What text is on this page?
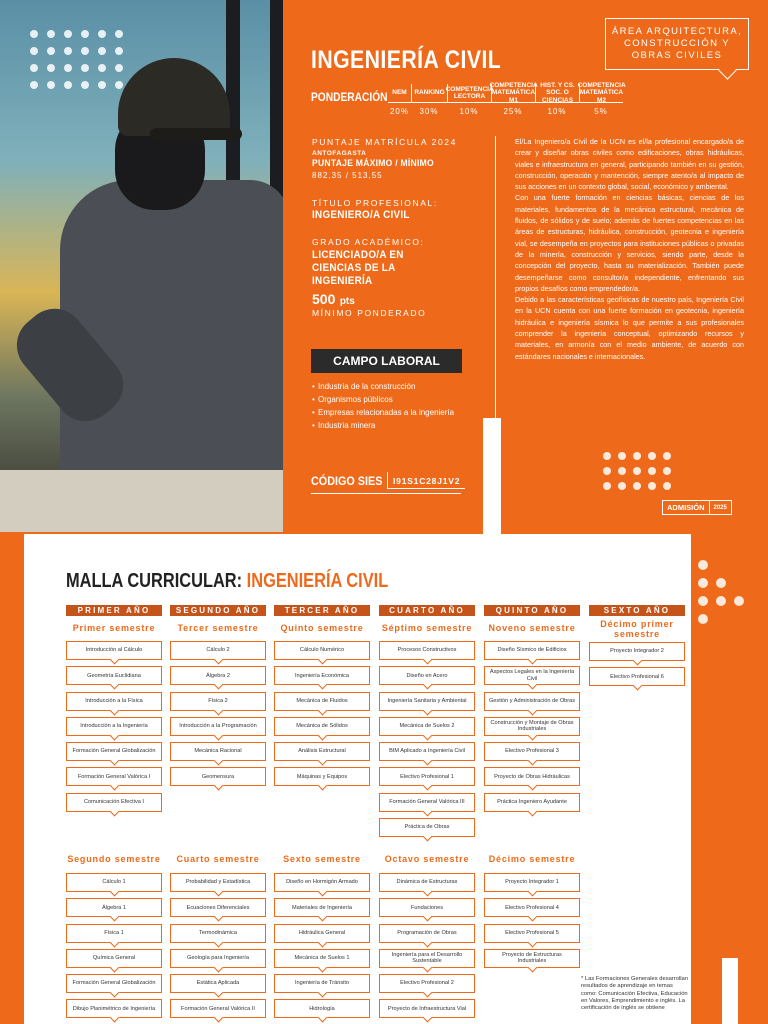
ÁREA ARQUITECTURA, CONSTRUCCIÓN Y OBRAS CIVILES
INGENIERÍA CIVIL
PONDERACIÓN NEM
20%
RANKING
30%
COMPETENCIA LECTORA
10%
COMPETENCIA MATEMÁTICA M1
25%
HIST. Y CS. SOC. O CIENCIAS
10%
COMPETENCIA MATEMÁTICA M2
5%
PUNTAJE MATRÍCULA 2024
ANTOFAGASTA
PUNTAJE MÁXIMO / MÍNIMO
882,35 / 513,55
TÍTULO PROFESIONAL:
INGENIERO/A CIVIL
GRADO ACADÉMICO:
LICENCIADO/A EN CIENCIAS DE LA INGENIERÍA
500 pts
MÍNIMO PONDERADO
CAMPO LABORAL
• Industria de la construcción
• Organismos públicos
• Empresas relacionadas a la ingeniería
• Industria minera
CÓDIGO SIES	I91S1C28J1V2

El/La Ingeniero/a Civil de la UCN es el/la profesional encargado/a de crear y diseñar obras civiles como edificaciones, obras hidráulicas, viales e infraestructura en general, participando también en su gestión, construcción, operación y mantención, siempre atento/a al impacto de sus acciones en un contexto global, social, económico y ambiental.

Con una fuerte formación en ciencias básicas, ciencias de los materiales, fundamentos de la mecánica estructural, mecánica de fluidos, de sólidos y de suelo; además de fuertes competencias en las áreas de estructuras, hidráulica, construcción, geotecnia e ingeniería vial, se desempeña en proyectos para instituciones públicas o privadas de la minería, construcción y servicios, siendo parte, desde la concepción del proyecto, hasta su materialización. También puede desempeñarse como consultor/a independiente, enfrentando sus propios desafíos como emprendedor/a.

Debido a las características geofísicas de nuestro país, Ingeniería Civil en la UCN cuenta con una fuerte formación en geotecnia, ingeniería hidráulica e ingeniería sísmica lo que permite a sus profesionales comprender la ingeniería conceptual, optimizando recursos y materiales, en armonía con el medio ambiente, de acuerdo con estándares nacionales e internacionales.

ADMISIÓN	2025
MALLA CURRICULAR: INGENIERÍA CIVIL
PRIMER AÑO
Primer semestre
Introducción al Cálculo
Geometría Euclidiana
Introducción a la Física
Introducción a la Ingeniería
Formación General Globalización
Formación General Valórica I
Comunicación Efectiva I
SEGUNDO AÑO
Tercer semestre
Cálculo 2
Álgebra 2
Física 2
Introducción a la Programación
Mecánica Racional
Geomensura
TERCER AÑO
Quinto semestre
Cálculo Numérico
Ingeniería Económica
Mecánica de Fluidos
Mecánica de Sólidos
Análisis Estructural
Máquinas y Equipos
CUARTO AÑO
Séptimo semestre
Procesos Constructivos
Diseño en Acero
Ingeniería Sanitaria y Ambiental
Mecánica de Suelos 2
BIM Aplicado a Ingeniería Civil
Electivo Profesional 1
Formación General Valórica III
Práctica de Obras
QUINTO AÑO
Noveno semestre
Diseño Sísmico de Edificios
Aspectos Legales en la Ingeniería Civil
Gestión y Administración de Obras
Construcción y Montaje de Obras Industriales
Electivo Profesional 3
Proyecto de Obras Hidráulicas
Práctica Ingeniero Ayudante
SEXTO AÑO
Décimo primer semestre
Proyecto Integrador 2
Electivo Profesional 6
Segundo semestre
Cálculo 1
Álgebra 1
Física 1
Química General
Formación General Globalización
Dibujo Planimétrico de Ingeniería
Cuarto semestre
Probabilidad y Estadística
Ecuaciones Diferenciales
Termodinámica
Geología para Ingeniería
Estática Aplicada
Formación General Valórica II
Sexto semestre
Diseño en Hormigón Armado
Materiales de Ingeniería
Hidráulica General
Mecánica de Suelos 1
Ingeniería de Tránsito
Hidrología
Octavo semestre
Dinámica de Estructuras
Fundaciones
Programación de Obras
Ingeniería para el Desarrollo Sustentable
Electivo Profesional 2
Proyecto de Infraestructura Vial
Décimo semestre
Proyecto Integrador 1
Electivo Profesional 4
Electivo Profesional 5
Proyecto de Estructuras Industriales
* Las Formaciones Generales desarrollan resultados de aprendizaje en temas como: Comunicación Efectiva, Educación en Valores, Emprendimiento e inglés. La certificación de inglés se obtiene
